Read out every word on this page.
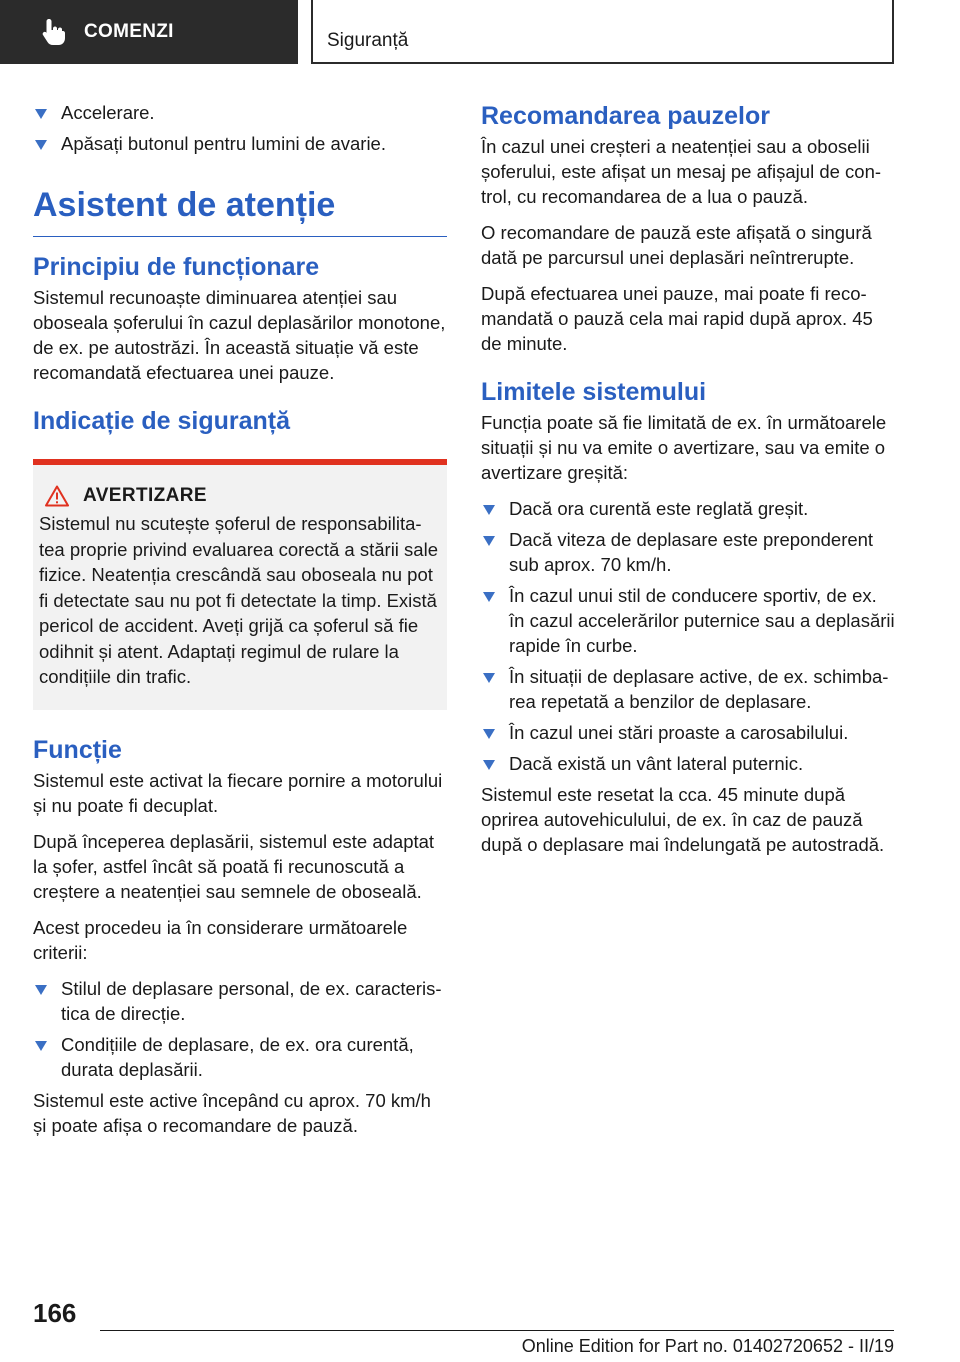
COMENZI	Siguranță
Accelerare.
Apăsați butonul pentru lumini de avarie.
Asistent de atenție
Principiu de funcționare

Sistemul recunoaște diminuarea atenției sau oboseala șoferului în cazul deplasărilor monotone, de ex. pe autostrăzi. În această situație vă este recomandată efectuarea unei pauze.

Indicație de siguranță
AVERTIZARE

Sistemul nu scutește șoferul de responsabilitatea proprie privind evaluarea corectă a stării sale fizice. Neatenția crescândă sau oboseala nu pot fi detectate sau nu pot fi detectate la timp. Există pericol de accident. Aveți grijă ca șoferul să fie odihnit și atent. Adaptați regimul de rulare la condițiile din trafic.

Funcție

Sistemul este activat la fiecare pornire a motorului și nu poate fi decuplat.

După începerea deplasării, sistemul este adaptat la șofer, astfel încât să poată fi recunoscută a creștere a neatenției sau semnele de oboseală.

Acest procedeu ia în considerare următoarele criterii:

Stilul de deplasare personal, de ex. caracteristica de direcție.
Condițiile de deplasare, de ex. ora curentă, durata deplasării.

Sistemul este active începând cu aprox. 70 km/h și poate afișa o recomandare de pauză.

Recomandarea pauzelor

În cazul unei creșteri a neatenției sau a oboselii șoferului, este afișat un mesaj pe afișajul de control, cu recomandarea de a lua o pauză.

O recomandare de pauză este afișată o singură dată pe parcursul unei deplasări neîntrerupte.

După efectuarea unei pauze, mai poate fi recomandată o pauză cela mai rapid după aprox. 45 de minute.

Limitele sistemului

Funcția poate să fie limitată de ex. în următoarele situații și nu va emite o avertizare, sau va emite o avertizare greșită:

Dacă ora curentă este reglată greșit.
Dacă viteza de deplasare este preponderent sub aprox. 70 km/h.
În cazul unui stil de conducere sportiv, de ex. în cazul accelerărilor puternice sau a deplasării rapide în curbe.
În situații de deplasare active, de ex. schimbarea repetată a benzilor de deplasare.
În cazul unei stări proaste a carosabilului.
Dacă există un vânt lateral puternic.

Sistemul este resetat la cca. 45 minute după oprirea autovehiculului, de ex. în caz de pauză după o deplasare mai îndelungată pe autostradă.

166
Online Edition for Part no. 01402720652 - II/19
